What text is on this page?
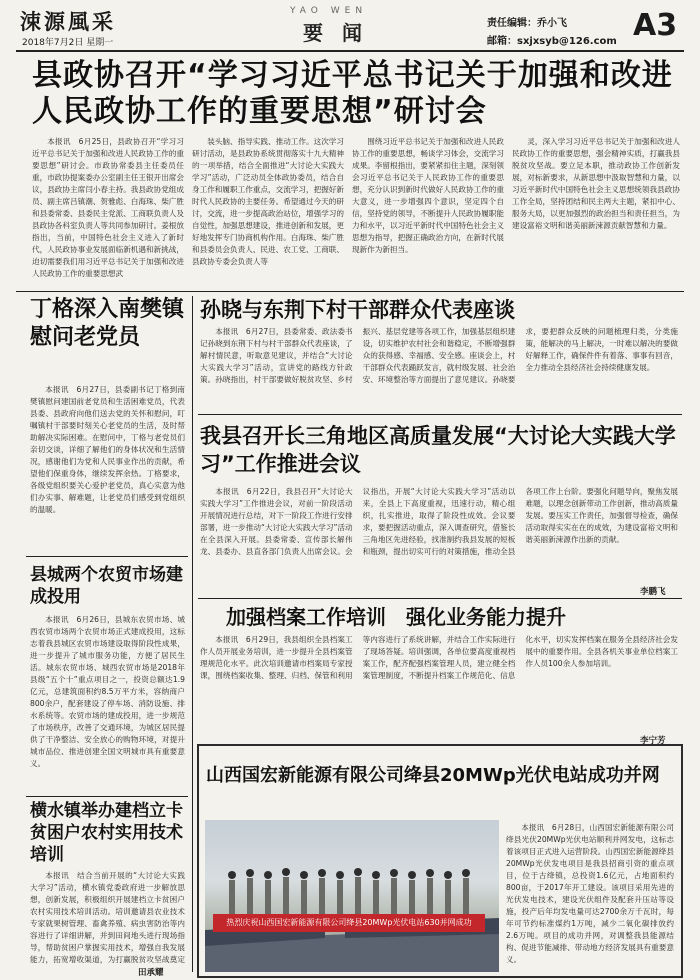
涑源風采
2018年7月2日 星期一
YAO WEN
要 闻	责任编辑：乔小飞
邮箱：sxjxsyb@126.com A3
县政协召开“学习习近平总书记关于加强和改进人民政协工作的重要思想”研讨会

本报讯　6月25日，县政协召开“学习习近平总书记关于加强和改进人民政协工作的重要思想”研讨会。市政协常委县主任委员任重，市政协提案委办公室副主任王银开出席会议，县政协主席闫小春主持。我县政协党组成员、副主席吕镇潮、贺雅彪、白海珠、柴广胜和县委常委、县委民主党派、工商联负责人及县政协各科室负责人等共同参加研讨。姜根放指出，当前，中国特色社会主义进入了新时代，人民政协事业发展面临新机遇和新挑战，迫切需要我们用习近平总书记关于加强和改进人民政协工作的重要思想武

装头脑、指导实践、推动工作。这次学习研讨活动，是县政协系统贯彻落实十九大精神的一项举措，结合全面推进“大讨论大实践大学习”活动，广泛动员全体政协委员，结合自身工作和履职工作重点，交流学习，把握好新时代人民政协的主要任务。希望通过今天的研讨，交流，进一步提高政治站位，增强学习的自觉性，加强思想建设，推进创新和发展，更好地发挥专门协商机构作用。白海珠、柴广胜和县委员会负责人、民进、农工党、工商联、县政协专委会负责人等

围绕习近平总书记关于加强和改进人民政协工作的重要思想，畅谈学习体会，交流学习成果。李留根指出，要紧紧扣住主题，深刻领会习近平总书记关于人民政协工作的重要思想，充分认识到新时代做好人民政协工作的重大意义，进一步增强四个意识，坚定四个自信，坚持党的领导，不断提升人民政协履职能力和水平，以习近平新时代中国特色社会主义思想为指导，把握正确政治方向，在新时代展现新作为新担当。

灵，深入学习习近平总书记关于加强和改进人民政协工作的重要思想，强会精神实质，打赢我县脱贫攻坚战。要立足本职，推动政协工作创新发展，对标新要求，从新思想中汲取智慧和力量，以习近平新时代中国特色社会主义思想统领我县政协工作全局，坚持团结和民主两大主题，紧扣中心、服务大局，以更加强烈的政治担当和责任担当，为建设富裕文明和谐美丽新涑源贡献智慧和力量。

丁格深入南樊镇慰问老党员

本报讯　6月27日，县委副书记丁格到南樊镇慰问建国前老党员和生活困难党员，代表县委、县政府向他们送去党的关怀和慰问，叮嘱镇村干部要时刻关心老党员的生活，及时帮助解决实际困难。在慰问中，丁格与老党员们亲切交谈，详细了解他们的身体状况和生活情况，感谢他们为党和人民事业作出的贡献，希望他们保重身体，继续发挥余热。丁格要求，各级党组织要关心爱护老党员，真心实意为他们办实事、解难题，让老党员们感受到党组织的温暖。

县城两个农贸市场建成投用

本报讯　6月26日，县城东农贸市场、城西农贸市场两个农贸市场正式建成投用，这标志着我县城区农贸市场建设取得阶段性成果，进一步提升了城市服务功能，方便了居民生活。城东农贸市场、城西农贸市场是2018年县级“五个十”重点项目之一，投资总额达1.9亿元，总建筑面积约8.5万平方米，容纳商户800余户，配套建设了停车场、消防设施、排水系统等。农贸市场的建成投用，进一步规范了市场秩序，改善了交通环境，为城区居民提供了干净整洁、安全放心的购物环境，对提升城市品位、推进创建全国文明城市具有重要意义。

横水镇举办建档立卡贫困户农村实用技术培训

本报讯　结合当前开展的“大讨论大实践大学习”活动，横水镇党委政府进一步解放思想，创新发展，积极组织开展建档立卡贫困户农村实用技术培训活动。培训邀请县农业技术专家就果树管理、畜禽养殖、病虫害防治等内容进行了详细讲解，并到田间地头进行现场指导，帮助贫困户掌握实用技术，增强自我发展能力，拓宽增收渠道，为打赢脱贫攻坚战奠定

田承耀
孙晓与东荆下村干部群众代表座谈

本报讯　6月27日，县委常委、政法委书记孙晓到东荆下村与村干部群众代表座谈，了解村情民意，听取意见建议，并结合“大讨论大实践大学习”活动，宣讲党的路线方针政策。孙晓指出，村干部要做好脱贫攻坚、乡村振兴、基层党建等各项工作，加强基层组织建设，切实维护农村社会和谐稳定，不断增强群众的获得感、幸福感、安全感。座谈会上，村干部群众代表踊跃发言，就村级发展、社会治安、环境整治等方面提出了意见建议。孙晓要求，要把群众反映的问题梳理归类，分类施策，能解决的马上解决，一时难以解决的要做好解释工作，确保件件有着落、事事有回音，全力推动全县经济社会持续健康发展。

我县召开长三角地区高质量发展“大讨论大实践大学习”工作推进会议

本报讯　6月22日，我县召开“大讨论大实践大学习”工作推进会议，对前一阶段活动开展情况进行总结，对下一阶段工作进行安排部署，进一步推动“大讨论大实践大学习”活动在全县深入开展。县委常委、宣传部长解伟龙、县委办、县直各部门负责人出席会议。会议指出，开展“大讨论大实践大学习”活动以来，全县上下高度重视，迅速行动，精心组织，扎实推进，取得了阶段性成效。会议要求，要把握活动重点，深入调查研究，借鉴长三角地区先进经验，找准制约我县发展的短板和瓶颈，提出切实可行的对策措施，推动全县各项工作上台阶。要强化问题导向，聚焦发展难题，以理念创新带动工作创新，推动高质量发展。要压实工作责任，加强督导检查，确保活动取得实实在在的成效，为建设富裕文明和谐美丽新涑源作出新的贡献。

李鹏飞
加强档案工作培训　强化业务能力提升

本报讯　6月29日，我县组织全县档案工作人员开展业务培训，进一步提升全县档案管理规范化水平。此次培训邀请市档案局专家授课，围绕档案收集、整理、归档、保管和利用等内容进行了系统讲解，并结合工作实际进行了现场答疑。培训强调，各单位要高度重视档案工作，配齐配强档案管理人员，建立健全档案管理制度，不断提升档案工作规范化、信息化水平，切实发挥档案在服务全县经济社会发展中的重要作用。全县各机关事业单位档案工作人员100余人参加培训。

李宁芳
山西国宏新能源有限公司绛县20MWp光伏电站成功并网
热烈庆祝山西国宏新能源有限公司绛县20MWp光伏电站630并网成功

本报讯　6月28日，山西国宏新能源有限公司绛县光伏20MWp光伏电站顺利并网发电，这标志着该项目正式进入运营阶段。山西国宏新能源绛县20MWp光伏发电项目是我县招商引资的重点项目，位于古绛镇，总投资1.6亿元，占地面积约800亩，于2017年开工建设。该项目采用先进的光伏发电技术，建设光伏组件及配套升压站等设施，投产后年均发电量可达2700余万千瓦时，每年可节约标准煤约1万吨，减少二氧化碳排放约2.6万吨。项目的成功并网，对调整我县能源结构、促进节能减排、带动地方经济发展具有重要意义。
